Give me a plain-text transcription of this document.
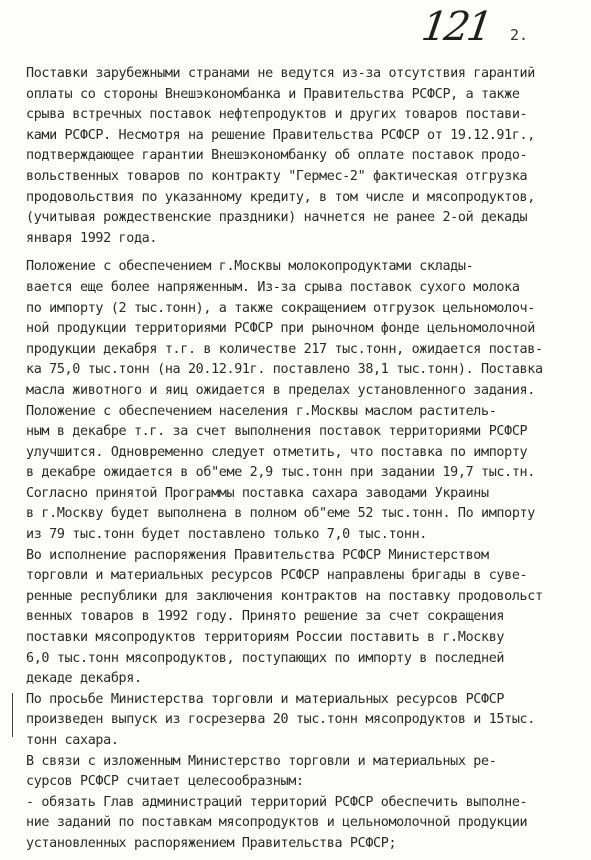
121 2.
Поставки зарубежными странами не ведутся из-за отсутствия гарантий
оплаты со стороны Внешэкономбанка и Правительства РСФСР, а также
срыва встречных поставок нефтепродуктов и других товаров постави-
ками РСФСР. Несмотря на решение Правительства РСФСР от 19.12.91г.,
подтверждающее гарантии Внешэкономбанку об оплате поставок продо-
вольственных товаров по контракту "Гермес-2" фактическая отгрузка
продовольствия по указанному кредиту, в том числе и мясопродуктов,
(учитывая рождественские праздники) начнется не ранее 2-ой декады
января 1992 года.
Положение с обеспечением г.Москвы молокопродуктами склады-
вается еще более напряженным. Из-за срыва поставок сухого молока
по импорту (2 тыс.тонн), а также сокращением отгрузок цельномолоч-
ной продукции территориями РСФСР при рыночном фонде цельномолочной
продукции декабря т.г. в количестве 217 тыс.тонн, ожидается постав-
ка 75,0 тыс.тонн (на 20.12.91г. поставлено 38,1 тыс.тонн). Поставка
масла животного и яиц ожидается в пределах установленного задания.
Положение с обеспечением населения г.Москвы маслом раститель-
ным в декабре т.г. за счет выполнения поставок территориями РСФСР
улучшится. Одновременно следует отметить, что поставка по импорту
в декабре ожидается в об"еме 2,9 тыс.тонн при задании 19,7 тыс.тн.
Согласно принятой Программы поставка сахара заводами Украины
в г.Москву будет выполнена в полном об"еме 52 тыс.тонн. По импорту
из 79 тыс.тонн будет поставлено только 7,0 тыс.тонн.
Во исполнение распоряжения Правительства РСФСР Министерством
торговли и материальных ресурсов РСФСР направлены бригады в суве-
ренные республики для заключения контрактов на поставку продовольст
венных товаров в 1992 году. Принято решение за счет сокращения
поставки мясопродуктов территориям России поставить в г.Москву
6,0 тыс.тонн мясопродуктов, поступающих по импорту в последней
декаде декабря.
По просьбе Министерства торговли и материальных ресурсов РСФСР
произведен выпуск из госрезерва 20 тыс.тонн мясопродуктов и 15тыс.
тонн сахара.
В связи с изложенным Министерство торговли и материальных ре-
сурсов РСФСР считает целесообразным:
- обязать Глав администраций территорий РСФСР обеспечить выполне-
ние заданий по поставкам мясопродуктов и цельномолочной продукции
установленных распоряжением Правительства РСФСР;
